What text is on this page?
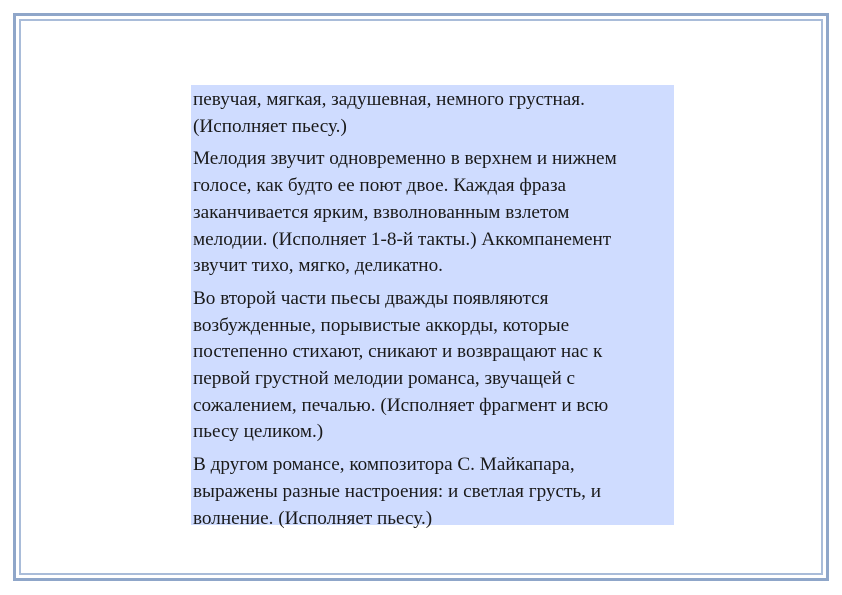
певучая, мягкая, задушевная, немного грустная.
(Исполняет пьесу.)

Мелодия звучит одновременно в верхнем и нижнем
голосе, как будто ее поют двое. Каждая фраза
заканчивается ярким, взволнованным взлетом
мелодии. (Исполняет 1-8-й такты.) Аккомпанемент
звучит тихо, мягко, деликатно.

Во второй части пьесы дважды появляются
возбужденные, порывистые аккорды, которые
постепенно стихают, сникают и возвращают нас к
первой грустной мелодии романса, звучащей с
сожалением, печалью. (Исполняет фрагмент и всю
пьесу целиком.)

В другом романсе, композитора С. Майкапара,
выражены разные настроения: и светлая грусть, и
волнение. (Исполняет пьесу.)
